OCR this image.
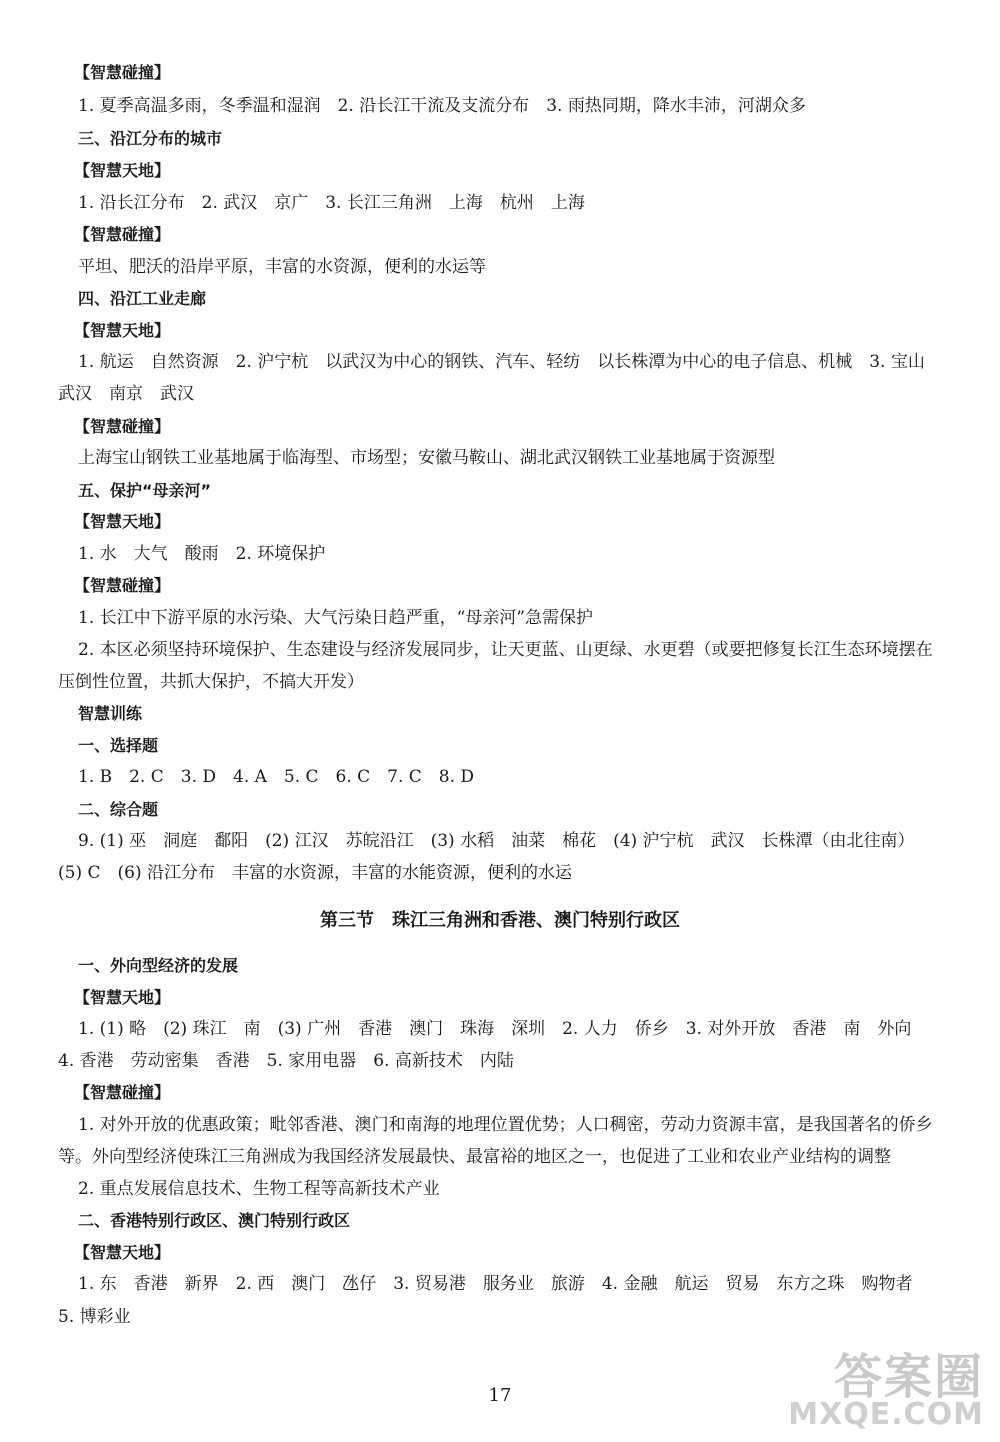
【智慧碰撞】
1. 夏季高温多雨，冬季温和湿润　2. 沿长江干流及支流分布　3. 雨热同期，降水丰沛，河湖众多
三、沿江分布的城市
【智慧天地】
1. 沿长江分布　2. 武汉　京广　3. 长江三角洲　上海　杭州　上海
【智慧碰撞】
平坦、肥沃的沿岸平原，丰富的水资源，便利的水运等
四、沿江工业走廊
【智慧天地】
1. 航运　自然资源　2. 沪宁杭　以武汉为中心的钢铁、汽车、轻纺　以长株潭为中心的电子信息、机械　3. 宝山
武汉　南京　武汉
【智慧碰撞】
上海宝山钢铁工业基地属于临海型、市场型；安徽马鞍山、湖北武汉钢铁工业基地属于资源型
五、保护“母亲河”
【智慧天地】
1. 水　大气　酸雨　2. 环境保护
【智慧碰撞】
1. 长江中下游平原的水污染、大气污染日趋严重，“母亲河”急需保护
2. 本区必须坚持环境保护、生态建设与经济发展同步，让天更蓝、山更绿、水更碧（或要把修复长江生态环境摆在
压倒性位置，共抓大保护，不搞大开发）
智慧训练
一、选择题
1. B　2. C　3. D　4. A　5. C　6. C　7. C　8. D
二、综合题
9. (1) 巫　洞庭　鄱阳　(2) 江汉　苏皖沿江　(3) 水稻　油菜　棉花　(4) 沪宁杭　武汉　长株潭（由北往南）
(5) C　(6) 沿江分布　丰富的水资源，丰富的水能资源，便利的水运
第三节　珠江三角洲和香港、澳门特别行政区
一、外向型经济的发展
【智慧天地】
1. (1) 略　(2) 珠江　南　(3) 广州　香港　澳门　珠海　深圳　2. 人力　侨乡　3. 对外开放　香港　南　外向
4. 香港　劳动密集　香港　5. 家用电器　6. 高新技术　内陆
【智慧碰撞】
1. 对外开放的优惠政策；毗邻香港、澳门和南海的地理位置优势；人口稠密，劳动力资源丰富，是我国著名的侨乡
等。外向型经济使珠江三角洲成为我国经济发展最快、最富裕的地区之一，也促进了工业和农业产业结构的调整
2. 重点发展信息技术、生物工程等高新技术产业
二、香港特别行政区、澳门特别行政区
【智慧天地】
1. 东　香港　新界　2. 西　澳门　氹仔　3. 贸易港　服务业　旅游　4. 金融　航运　贸易　东方之珠　购物者
5. 博彩业
17	答案圈
MXQE.COM
